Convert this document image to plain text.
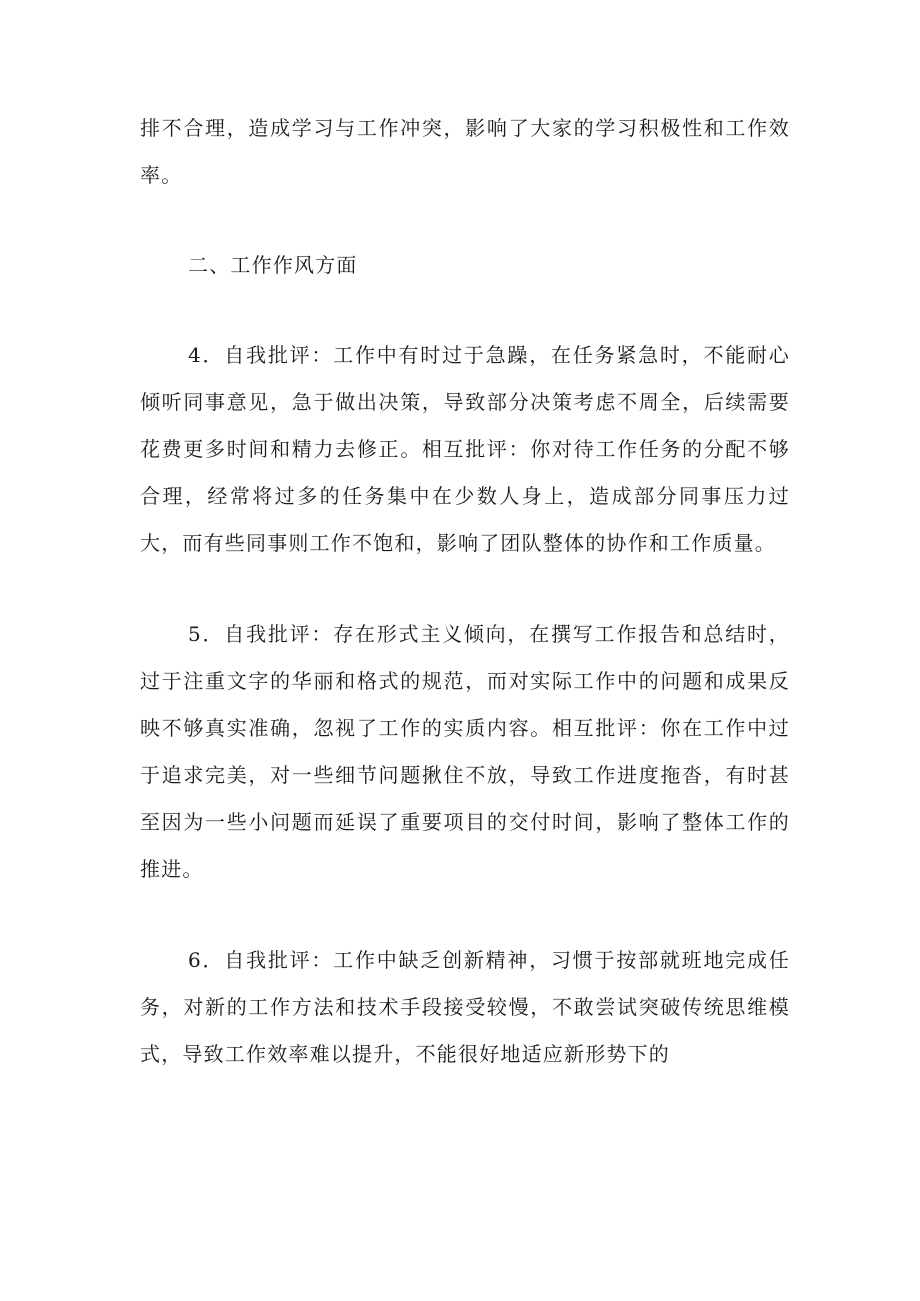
排不合理，造成学习与工作冲突，影响了大家的学习积极性和工作效率。

二、工作作风方面

4．自我批评：工作中有时过于急躁，在任务紧急时，不能耐心倾听同事意见，急于做出决策，导致部分决策考虑不周全，后续需要花费更多时间和精力去修正。相互批评：你对待工作任务的分配不够合理，经常将过多的任务集中在少数人身上，造成部分同事压力过大，而有些同事则工作不饱和，影响了团队整体的协作和工作质量。

5．自我批评：存在形式主义倾向，在撰写工作报告和总结时，过于注重文字的华丽和格式的规范，而对实际工作中的问题和成果反映不够真实准确，忽视了工作的实质内容。相互批评：你在工作中过于追求完美，对一些细节问题揪住不放，导致工作进度拖沓，有时甚至因为一些小问题而延误了重要项目的交付时间，影响了整体工作的推进。

6．自我批评：工作中缺乏创新精神，习惯于按部就班地完成任务，对新的工作方法和技术手段接受较慢，不敢尝试突破传统思维模式，导致工作效率难以提升，不能很好地适应新形势下的
